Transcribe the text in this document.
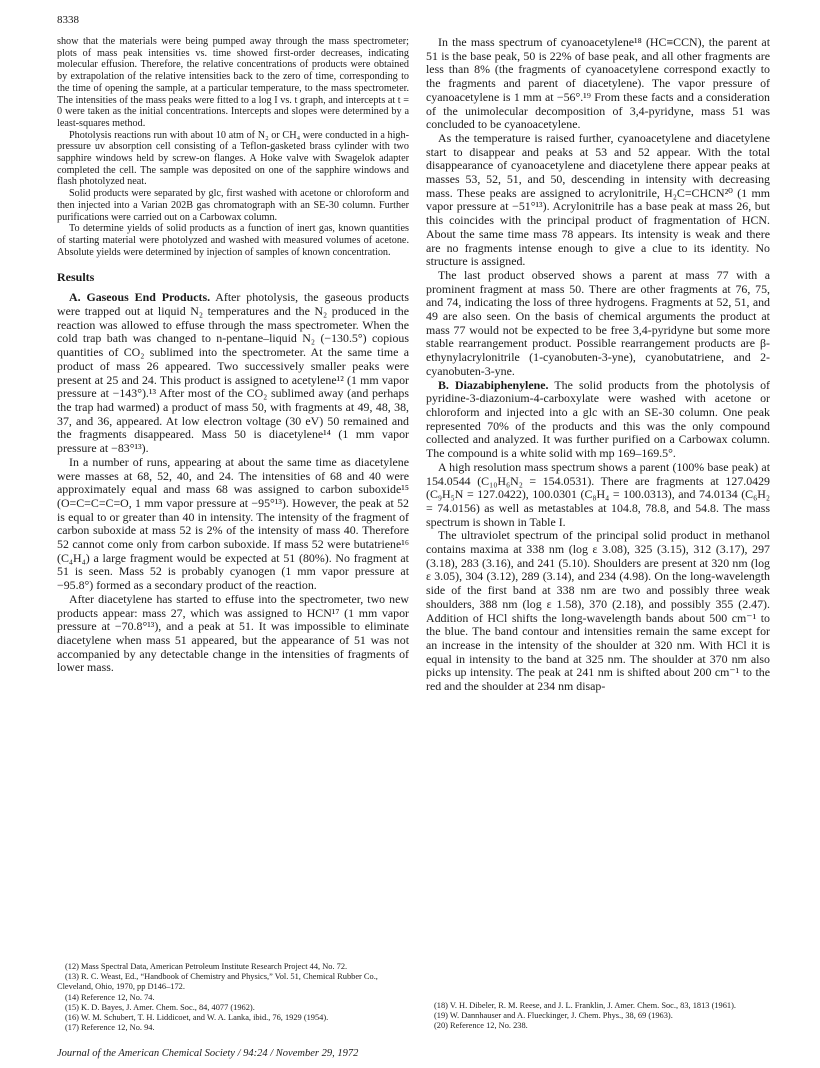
8338

show that the materials were being pumped away through the mass spectrometer; plots of mass peak intensities vs. time showed first-order decreases, indicating molecular effusion. Therefore, the relative concentrations of products were obtained by extrapolation of the relative intensities back to the zero of time, corresponding to the time of opening the sample, at a particular temperature, to the mass spectrometer. The intensities of the mass peaks were fitted to a log I vs. t graph, and intercepts at t = 0 were taken as the initial concentrations. Intercepts and slopes were determined by a least-squares method.

Photolysis reactions run with about 10 atm of N₂ or CH₄ were conducted in a high-pressure uv absorption cell consisting of a Teflon-gasketed brass cylinder with two sapphire windows held by screw-on flanges. A Hoke valve with Swagelok adapter completed the cell. The sample was deposited on one of the sapphire windows and flash photolyzed neat.

Solid products were separated by glc, first washed with acetone or chloroform and then injected into a Varian 202B gas chromatograph with an SE-30 column. Further purifications were carried out on a Carbowax column.

To determine yields of solid products as a function of inert gas, known quantities of starting material were photolyzed and washed with measured volumes of acetone. Absolute yields were determined by injection of samples of known concentration.

Results

A. Gaseous End Products. After photolysis, the gaseous products were trapped out at liquid N₂ temperatures and the N₂ produced in the reaction was allowed to effuse through the mass spectrometer. When the cold trap bath was changed to n-pentane–liquid N₂ (−130.5°) copious quantities of CO₂ sublimed into the spectrometer. At the same time a product of mass 26 appeared. Two successively smaller peaks were present at 25 and 24. This product is assigned to acetylene¹² (1 mm vapor pressure at −143°).¹³ After most of the CO₂ sublimed away (and perhaps the trap had warmed) a product of mass 50, with fragments at 49, 48, 38, 37, and 36, appeared. At low electron voltage (30 eV) 50 remained and the fragments disappeared. Mass 50 is diacetylene¹⁴ (1 mm vapor pressure at −83°¹³).

In a number of runs, appearing at about the same time as diacetylene were masses at 68, 52, 40, and 24. The intensities of 68 and 40 were approximately equal and mass 68 was assigned to carbon suboxide¹⁵ (O=C=C=C=O, 1 mm vapor pressure at −95°¹³). However, the peak at 52 is equal to or greater than 40 in intensity. The intensity of the fragment of carbon suboxide at mass 52 is 2% of the intensity of mass 40. Therefore 52 cannot come only from carbon suboxide. If mass 52 were butatriene¹⁶ (C₄H₄) a large fragment would be expected at 51 (80%). No fragment at 51 is seen. Mass 52 is probably cyanogen (1 mm vapor pressure at −95.8°) formed as a secondary product of the reaction.

After diacetylene has started to effuse into the spectrometer, two new products appear: mass 27, which was assigned to HCN¹⁷ (1 mm vapor pressure at −70.8°¹³), and a peak at 51. It was impossible to eliminate diacetylene when mass 51 appeared, but the appearance of 51 was not accompanied by any detectable change in the intensities of fragments of lower mass.

(12) Mass Spectral Data, American Petroleum Institute Research Project 44, No. 72.

(13) R. C. Weast, Ed., “Handbook of Chemistry and Physics,” Vol. 51, Chemical Rubber Co., Cleveland, Ohio, 1970, pp D146–172.

(14) Reference 12, No. 74.

(15) K. D. Bayes, J. Amer. Chem. Soc., 84, 4077 (1962).

(16) W. M. Schubert, T. H. Liddicoet, and W. A. Lanka, ibid., 76, 1929 (1954).

(17) Reference 12, No. 94.

In the mass spectrum of cyanoacetylene¹⁸ (HC≡CCN), the parent at 51 is the base peak, 50 is 22% of base peak, and all other fragments are less than 8% (the fragments of cyanoacetylene correspond exactly to the fragments and parent of diacetylene). The vapor pressure of cyanoacetylene is 1 mm at −56°.¹⁹ From these facts and a consideration of the unimolecular decomposition of 3,4-pyridyne, mass 51 was concluded to be cyanoacetylene.

As the temperature is raised further, cyanoacetylene and diacetylene start to disappear and peaks at 53 and 52 appear. With the total disappearance of cyanoacetylene and diacetylene there appear peaks at masses 53, 52, 51, and 50, descending in intensity with decreasing mass. These peaks are assigned to acrylonitrile, H₂C=CHCN²⁰ (1 mm vapor pressure at −51°¹³). Acrylonitrile has a base peak at mass 26, but this coincides with the principal product of fragmentation of HCN. About the same time mass 78 appears. Its intensity is weak and there are no fragments intense enough to give a clue to its identity. No structure is assigned.

The last product observed shows a parent at mass 77 with a prominent fragment at mass 50. There are other fragments at 76, 75, and 74, indicating the loss of three hydrogens. Fragments at 52, 51, and 49 are also seen. On the basis of chemical arguments the product at mass 77 would not be expected to be free 3,4-pyridyne but some more stable rearrangement product. Possible rearrangement products are β-ethynylacrylonitrile (1-cyanobuten-3-yne), cyanobutatriene, and 2-cyanobuten-3-yne.

B. Diazabiphenylene. The solid products from the photolysis of pyridine-3-diazonium-4-carboxylate were washed with acetone or chloroform and injected into a glc with an SE-30 column. One peak represented 70% of the products and this was the only compound collected and analyzed. It was further purified on a Carbowax column. The compound is a white solid with mp 169–169.5°.

A high resolution mass spectrum shows a parent (100% base peak) at 154.0544 (C₁₀H₆N₂ = 154.0531). There are fragments at 127.0429 (C₉H₅N = 127.0422), 100.0301 (C₈H₄ = 100.0313), and 74.0134 (C₆H₂ = 74.0156) as well as metastables at 104.8, 78.8, and 54.8. The mass spectrum is shown in Table I.

The ultraviolet spectrum of the principal solid product in methanol contains maxima at 338 nm (log ε 3.08), 325 (3.15), 312 (3.17), 297 (3.18), 283 (3.16), and 241 (5.10). Shoulders are present at 320 nm (log ε 3.05), 304 (3.12), 289 (3.14), and 234 (4.98). On the long-wavelength side of the first band at 338 nm are two and possibly three weak shoulders, 388 nm (log ε 1.58), 370 (2.18), and possibly 355 (2.47). Addition of HCl shifts the long-wavelength bands about 500 cm⁻¹ to the blue. The band contour and intensities remain the same except for an increase in the intensity of the shoulder at 320 nm. With HCl it is equal in intensity to the band at 325 nm. The shoulder at 370 nm also picks up intensity. The peak at 241 nm is shifted about 200 cm⁻¹ to the red and the shoulder at 234 nm disap-

(18) V. H. Dibeler, R. M. Reese, and J. L. Franklin, J. Amer. Chem. Soc., 83, 1813 (1961).

(19) W. Dannhauser and A. Flueckinger, J. Chem. Phys., 38, 69 (1963).

(20) Reference 12, No. 238.

Journal of the American Chemical Society / 94:24 / November 29, 1972
